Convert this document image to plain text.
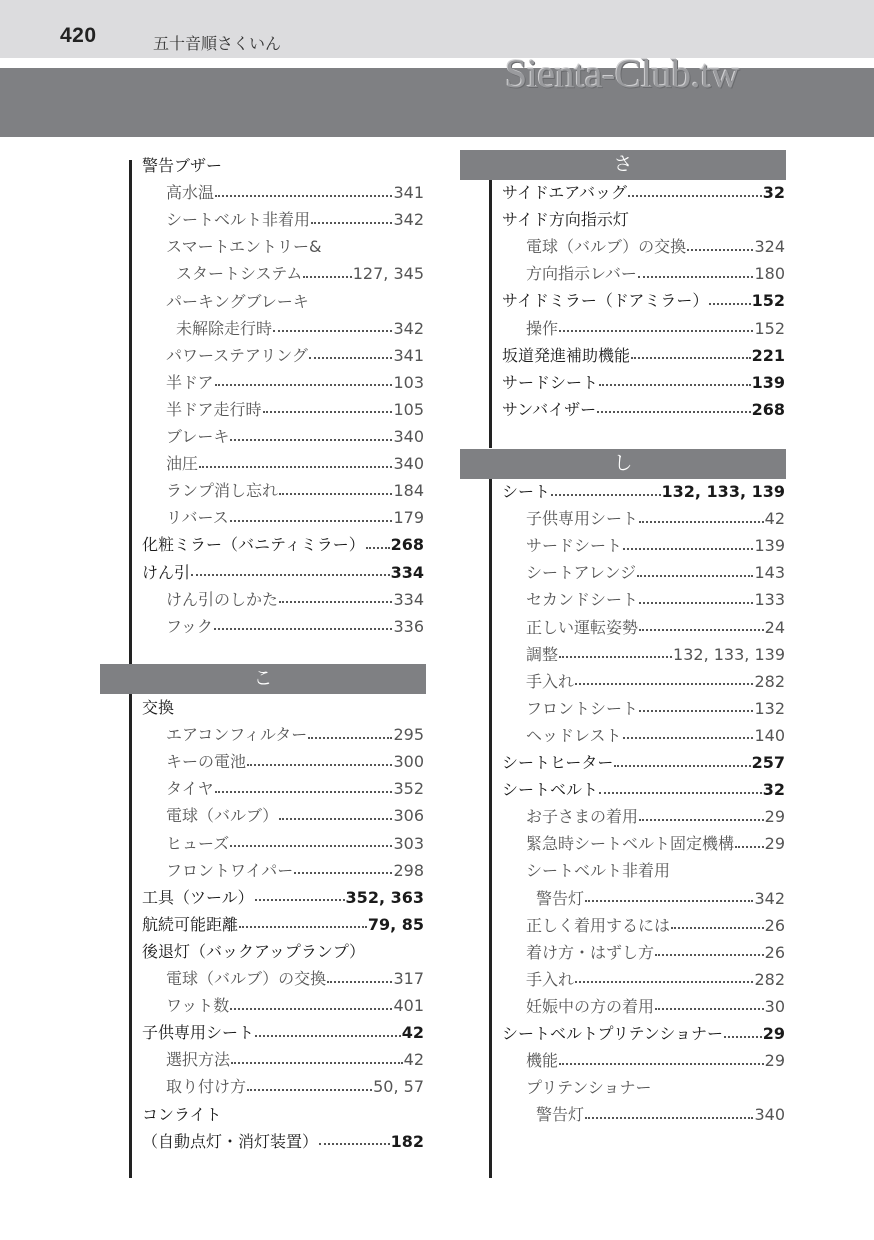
420	五十音順さくいん
Sienta-Club.tw
警告ブザー
高水温	341
シートベルト非着用	342
スマートエントリー&
スタートシステム	127, 345
パーキングブレーキ
未解除走行時	342
パワーステアリング	341
半ドア	103
半ドア走行時	105
ブレーキ	340
油圧	340
ランプ消し忘れ	184
リバース	179
化粧ミラー（バニティミラー） 268
けん引	334
けん引のしかた	334
フック	336
こ
交換
エアコンフィルター	295
キーの電池	300
タイヤ	352
電球（バルブ）	306
ヒューズ	303
フロントワイパー	298
工具（ツール）	352, 363
航続可能距離	79, 85
後退灯（バックアップランプ）
電球（バルブ）の交換	317
ワット数	401
子供専用シート	42
選択方法	42
取り付け方	50, 57
コンライト
（自動点灯・消灯装置）	182
さ
サイドエアバッグ	32
サイド方向指示灯
電球（バルブ）の交換	324
方向指示レバー	180
サイドミラー（ドアミラー）	152
操作	152
坂道発進補助機能	221
サードシート	139
サンバイザー	268
し
シート	132, 133, 139
子供専用シート	42
サードシート	139
シートアレンジ	143
セカンドシート	133
正しい運転姿勢	24
調整	132, 133, 139
手入れ	282
フロントシート	132
ヘッドレスト	140
シートヒーター	257
シートベルト	32
お子さまの着用	29
緊急時シートベルト固定機構 29
シートベルト非着用
警告灯	342
正しく着用するには	26
着け方・はずし方	26
手入れ	282
妊娠中の方の着用	30
シートベルトプリテンショナー 29
機能	29
プリテンショナー
警告灯	340
